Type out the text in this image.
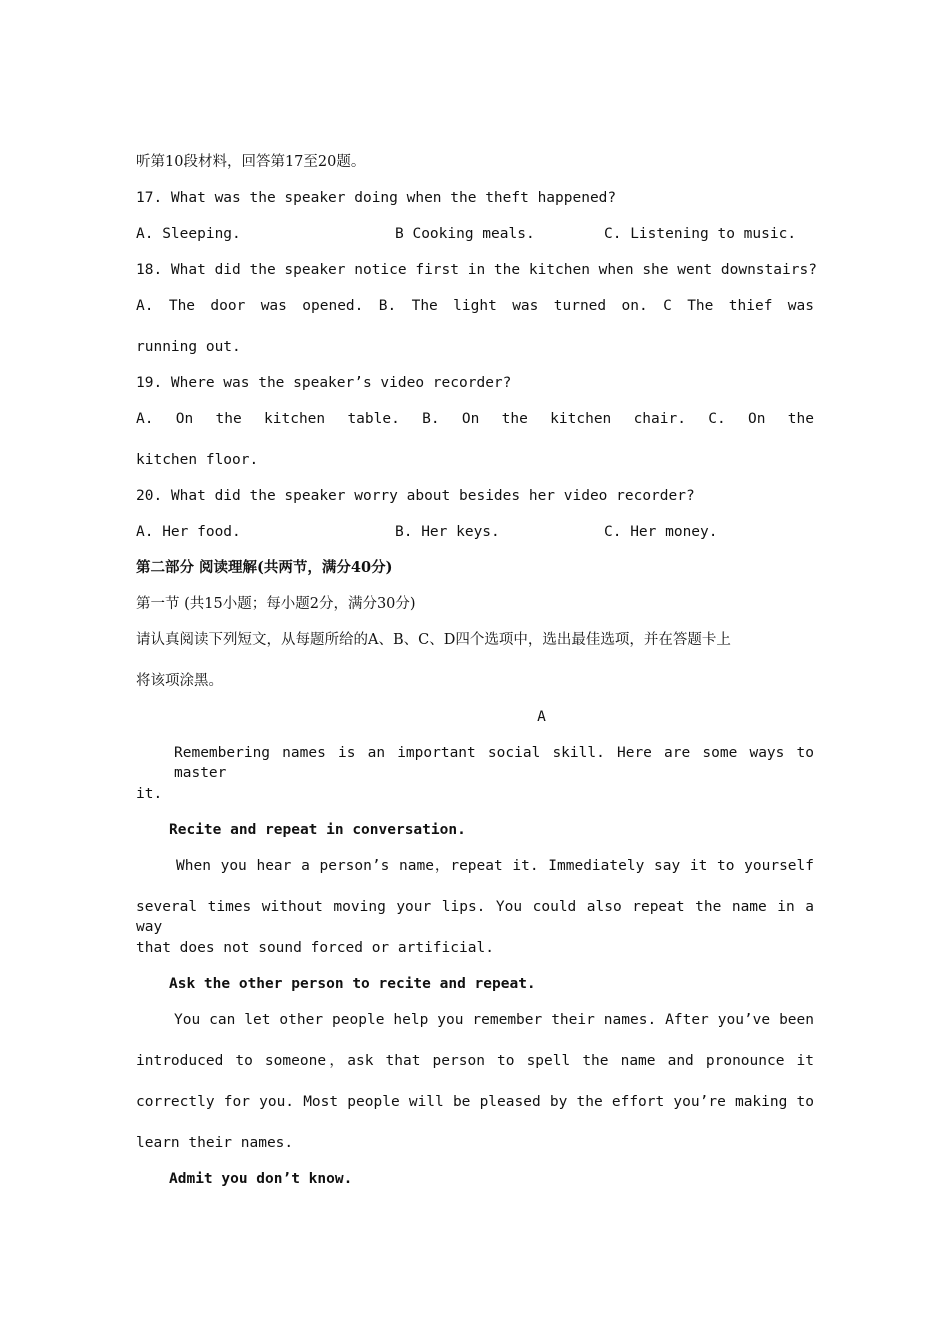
听第10段材料，回答第17至20题。
17. What was the speaker doing when the theft happened?
A. Sleeping.	B Cooking meals.	C. Listening to music.
18. What did the speaker notice first in the kitchen when she went downstairs?
A. The door was opened. B. The light was turned on. C The thief was
running out.
19. Where was the speaker’s video recorder?
A. On the kitchen table. B. On the kitchen chair. C. On the
kitchen floor.
20. What did the speaker worry about besides her video recorder?
A. Her food.	B. Her keys.	C. Her money.
第二部分 阅读理解(共两节，满分40分)
第一节 (共15小题；每小题2分，满分30分)
请认真阅读下列短文，从每题所给的A、B、C、D四个选项中，选出最佳选项，并在答题卡上
将该项涂黑。
A
Remembering names is an important social skill. Here are some ways to master
it.
Recite and repeat in conversation.
When you hear a person’s name，repeat it. Immediately say it to yourself
several times without moving your lips. You could also repeat the name in a way
that does not sound forced or artificial.
Ask the other person to recite and repeat.
You can let other people help you remember their names. After you’ve been
introduced to someone，ask that person to spell the name and pronounce it
correctly for you. Most people will be pleased by the effort you’re making to
learn their names.
Admit you don’t know.
